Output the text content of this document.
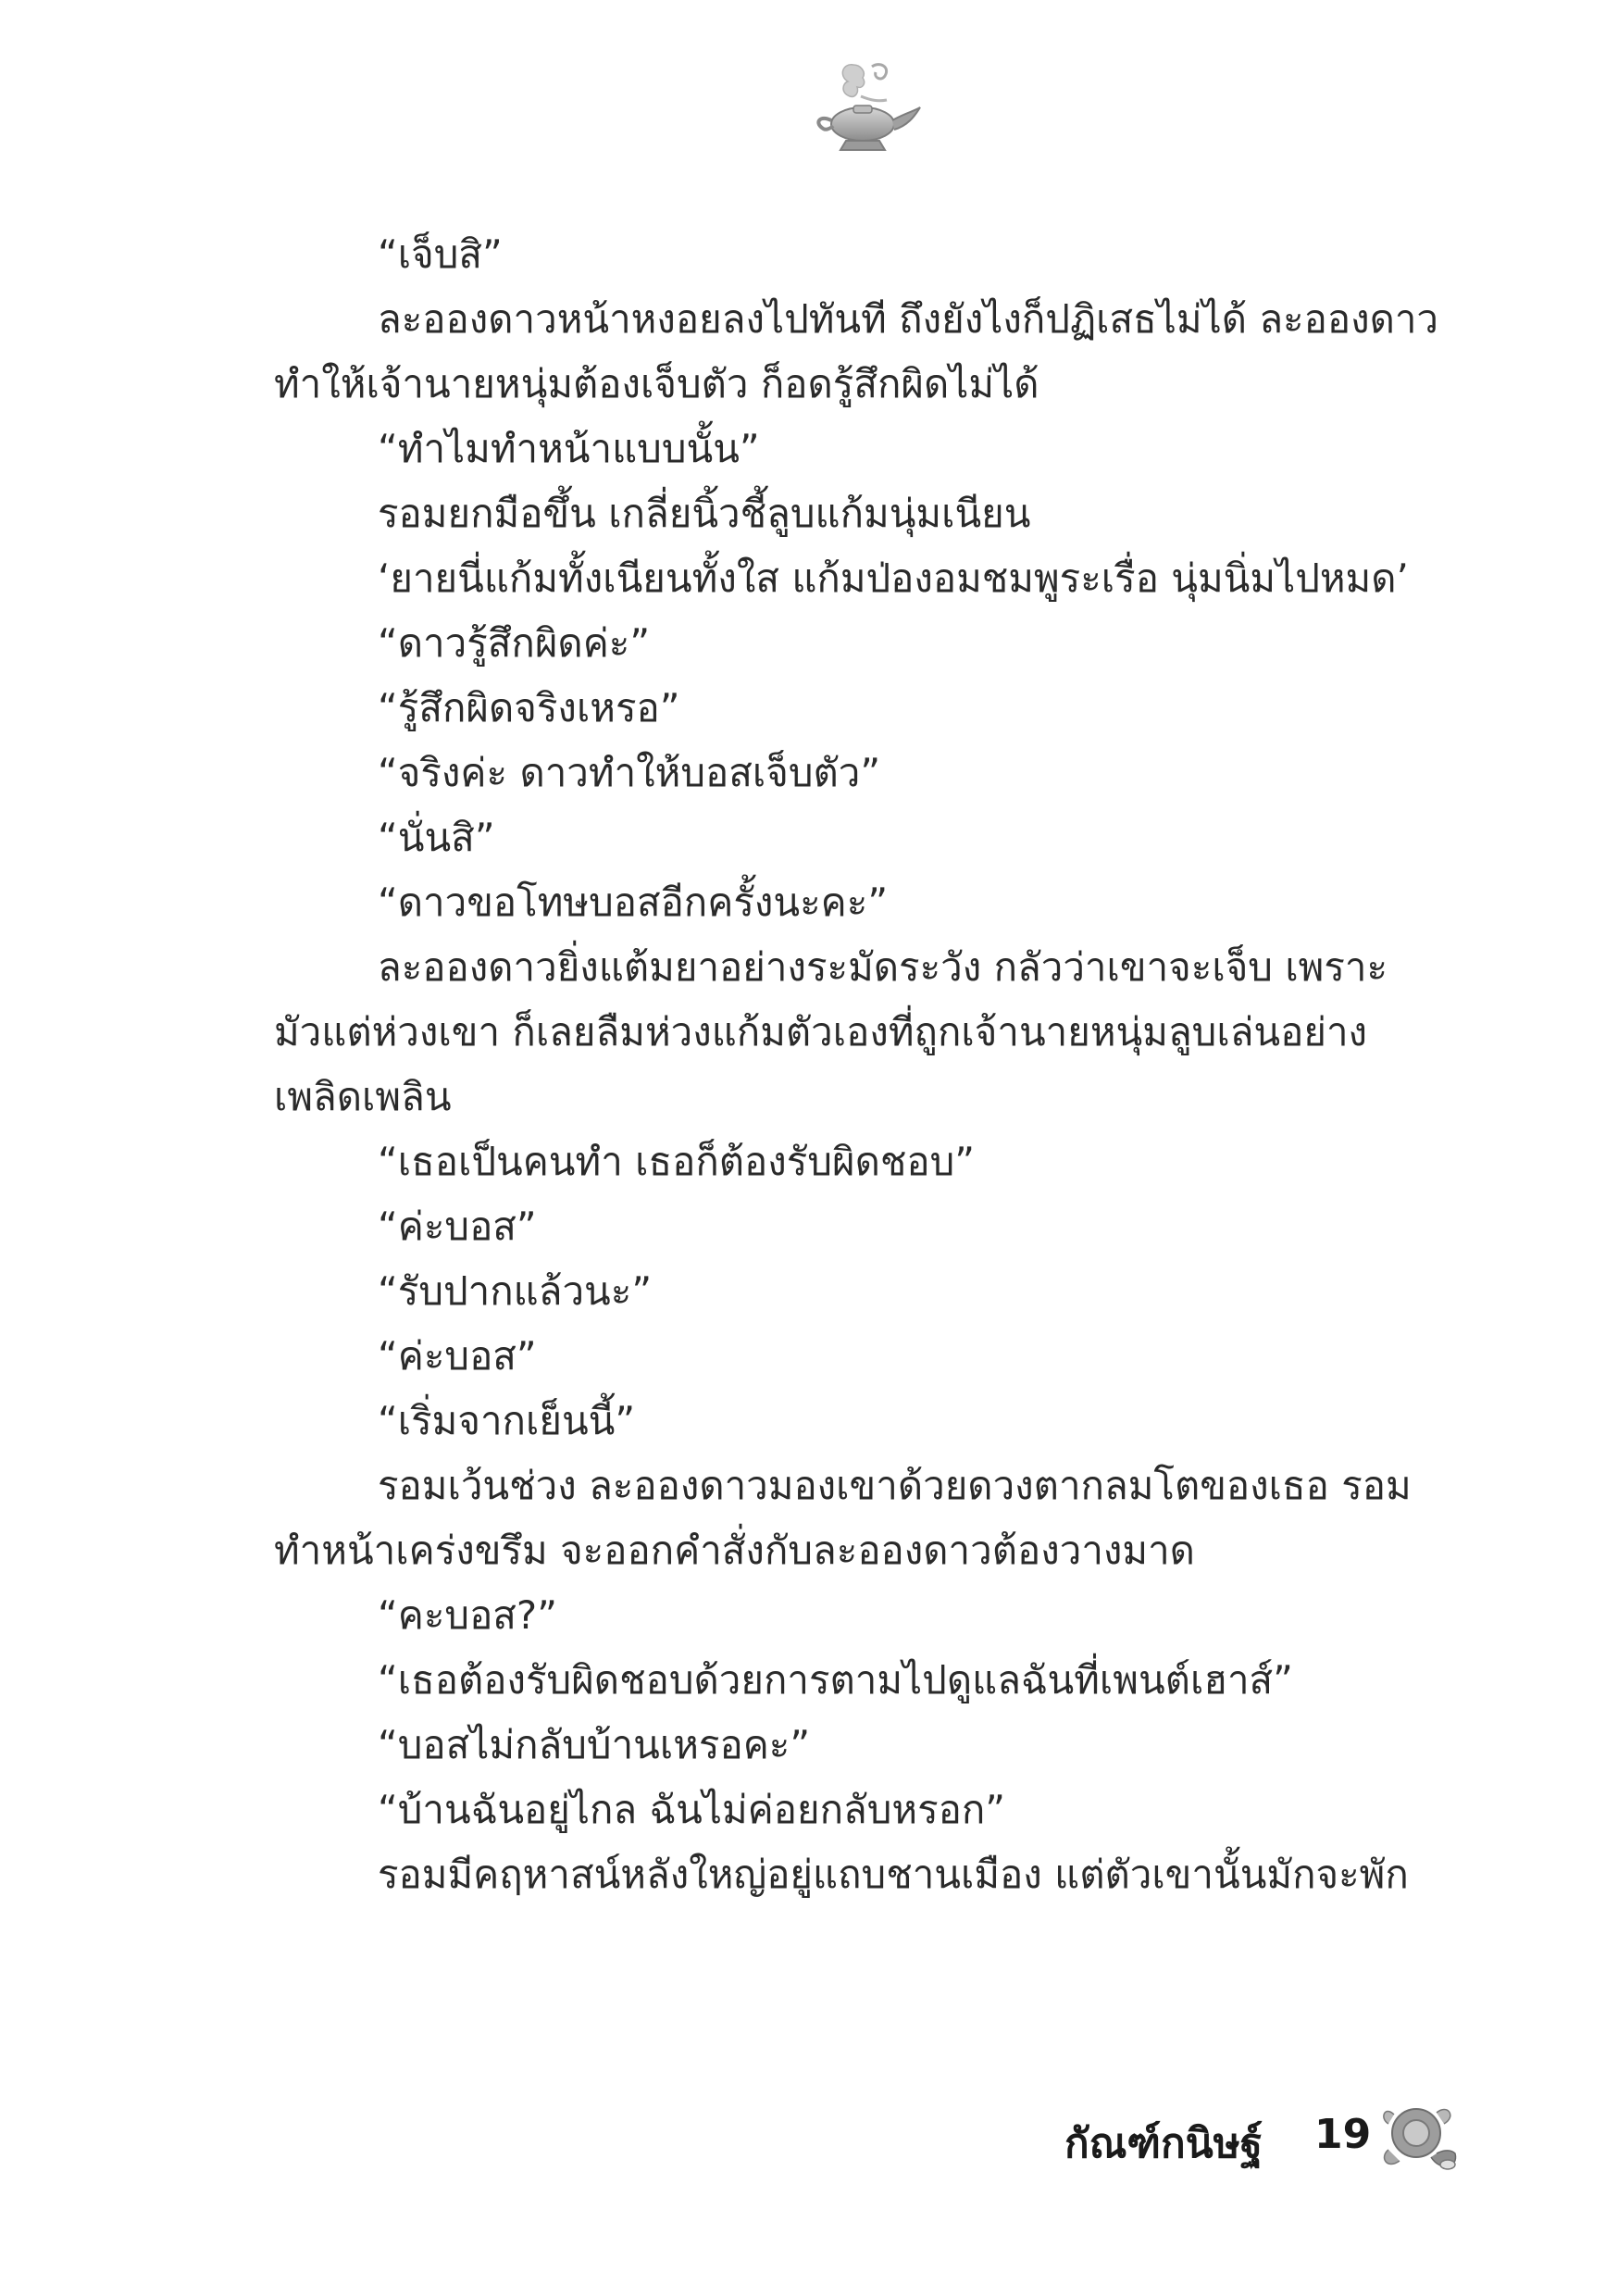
“เจ็บสิ”
ละอองดาวหน้าหงอยลงไปทันที ถึงยังไงก็ปฏิเสธไม่ได้ ละอองดาว
ทำให้เจ้านายหนุ่มต้องเจ็บตัว ก็อดรู้สึกผิดไม่ได้
“ทำไมทำหน้าแบบนั้น”
รอมยกมือขึ้น เกลี่ยนิ้วชี้ลูบแก้มนุ่มเนียน
‘ยายนี่แก้มทั้งเนียนทั้งใส แก้มป่องอมชมพูระเรื่อ นุ่มนิ่มไปหมด’
“ดาวรู้สึกผิดค่ะ”
“รู้สึกผิดจริงเหรอ”
“จริงค่ะ ดาวทำให้บอสเจ็บตัว”
“นั่นสิ”
“ดาวขอโทษบอสอีกครั้งนะคะ”
ละอองดาวยิ่งแต้มยาอย่างระมัดระวัง กลัวว่าเขาจะเจ็บ เพราะ
มัวแต่ห่วงเขา ก็เลยลืมห่วงแก้มตัวเองที่ถูกเจ้านายหนุ่มลูบเล่นอย่าง
เพลิดเพลิน
“เธอเป็นคนทำ เธอก็ต้องรับผิดชอบ”
“ค่ะบอส”
“รับปากแล้วนะ”
“ค่ะบอส”
“เริ่มจากเย็นนี้”
รอมเว้นช่วง ละอองดาวมองเขาด้วยดวงตากลมโตของเธอ รอม
ทำหน้าเคร่งขรึม จะออกคำสั่งกับละอองดาวต้องวางมาด
“คะบอส?”
“เธอต้องรับผิดชอบด้วยการตามไปดูแลฉันที่เพนต์เฮาส์”
“บอสไม่กลับบ้านเหรอคะ”
“บ้านฉันอยู่ไกล ฉันไม่ค่อยกลับหรอก”
รอมมีคฤหาสน์หลังใหญ่อยู่แถบชานเมือง แต่ตัวเขานั้นมักจะพัก
กัณฑ์กนิษฐ์ 19
